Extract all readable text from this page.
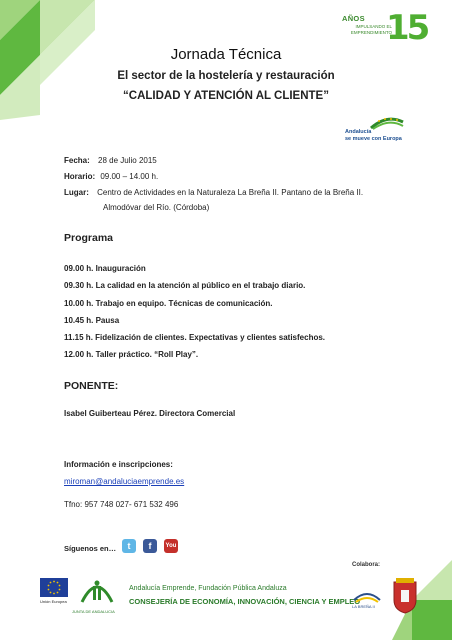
AÑOS
IMPULSANDO EL EMPRENDIMIENTO
15
Jornada Técnica
El sector de la hostelería y restauración
“CALIDAD Y ATENCIÓN AL CLIENTE”
Andalucía
se mueve con Europa
Fecha: 28 de Julio 2015
Horario: 09.00 – 14.00 h.
Lugar: Centro de Actividades en la Naturaleza La Breña II. Pantano de la Breña II.
Almodóvar del Río. (Córdoba)
Programa
09.00 h. Inauguración
09.30 h. La calidad en la atención al público en el trabajo diario.
10.00 h. Trabajo en equipo. Técnicas de comunicación.
10.45 h. Pausa
11.15 h. Fidelización de clientes. Expectativas y clientes satisfechos.
12.00 h. Taller práctico. “Roll Play”.
PONENTE:
Isabel Guiberteau Pérez. Directora Comercial
Información e inscripciones:
miroman@andaluciaemprende.es
Tfno: 957 748 027- 671 532 496
Síguenos en…	t	f	You
Colabora:
Unión Europea
JUNTA DE ANDALUCIA
Andalucía Emprende, Fundación Pública Andaluza
CONSEJERÍA DE ECONOMÍA, INNOVACIÓN, CIENCIA Y EMPLEO
LA BREÑA II
